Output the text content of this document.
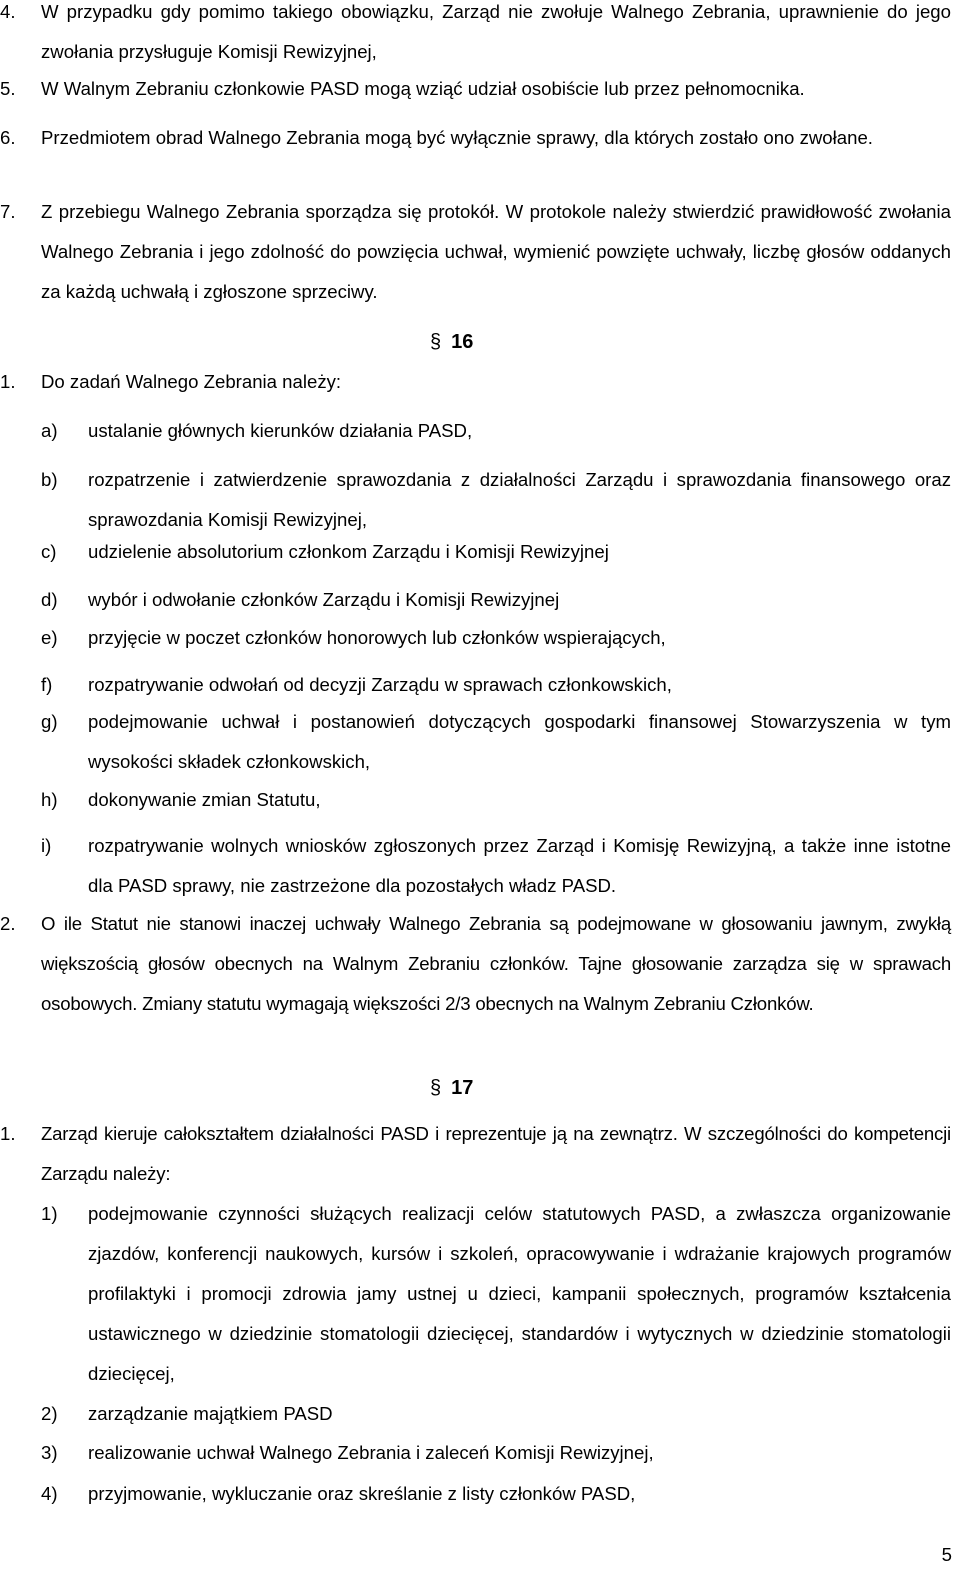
4. W przypadku gdy pomimo takiego obowiązku, Zarząd nie zwołuje Walnego Zebrania, uprawnienie do jego zwołania przysługuje Komisji Rewizyjnej,
5. W Walnym Zebraniu członkowie PASD mogą wziąć udział osobiście lub przez pełnomocnika.
6. Przedmiotem obrad Walnego Zebrania mogą być wyłącznie sprawy, dla których zostało ono zwołane.
7. Z przebiegu Walnego Zebrania sporządza się protokół. W protokole należy stwierdzić prawidłowość zwołania Walnego Zebrania i jego zdolność do powzięcia uchwał, wymienić powzięte uchwały, liczbę głosów oddanych za każdą uchwałą i zgłoszone sprzeciwy.
§ 16
1. Do zadań Walnego Zebrania należy:
a) ustalanie głównych kierunków działania PASD,
b) rozpatrzenie i zatwierdzenie sprawozdania z działalności Zarządu i sprawozdania finansowego oraz sprawozdania Komisji Rewizyjnej,
c) udzielenie absolutorium członkom Zarządu i Komisji Rewizyjnej
d) wybór i odwołanie członków Zarządu i Komisji Rewizyjnej
e) przyjęcie w poczet członków honorowych lub członków wspierających,
f) rozpatrywanie odwołań od decyzji Zarządu w sprawach członkowskich,
g) podejmowanie uchwał i postanowień dotyczących gospodarki finansowej Stowarzyszenia w tym wysokości składek członkowskich,
h) dokonywanie zmian Statutu,
i) rozpatrywanie wolnych wniosków zgłoszonych przez Zarząd i Komisję Rewizyjną, a także inne istotne dla PASD sprawy, nie zastrzeżone dla pozostałych władz PASD.
2. O ile Statut nie stanowi inaczej uchwały Walnego Zebrania są podejmowane w głosowaniu jawnym, zwykłą większością głosów obecnych na Walnym Zebraniu członków. Tajne głosowanie zarządza się w sprawach osobowych. Zmiany statutu wymagają większości 2/3 obecnych na Walnym Zebraniu Członków.
§ 17
1. Zarząd kieruje całokształtem działalności PASD i reprezentuje ją na zewnątrz. W szczególności do kompetencji Zarządu należy:
1) podejmowanie czynności służących realizacji celów statutowych PASD, a zwłaszcza organizowanie zjazdów, konferencji naukowych, kursów i szkoleń, opracowywanie i wdrażanie krajowych programów profilaktyki i promocji zdrowia jamy ustnej u dzieci, kampanii społecznych, programów kształcenia ustawicznego w dziedzinie stomatologii dziecięcej, standardów i wytycznych w dziedzinie stomatologii dziecięcej,
2) zarządzanie majątkiem PASD
3) realizowanie uchwał Walnego Zebrania i zaleceń Komisji Rewizyjnej,
4) przyjmowanie, wykluczanie oraz skreślanie z listy członków PASD,
5
